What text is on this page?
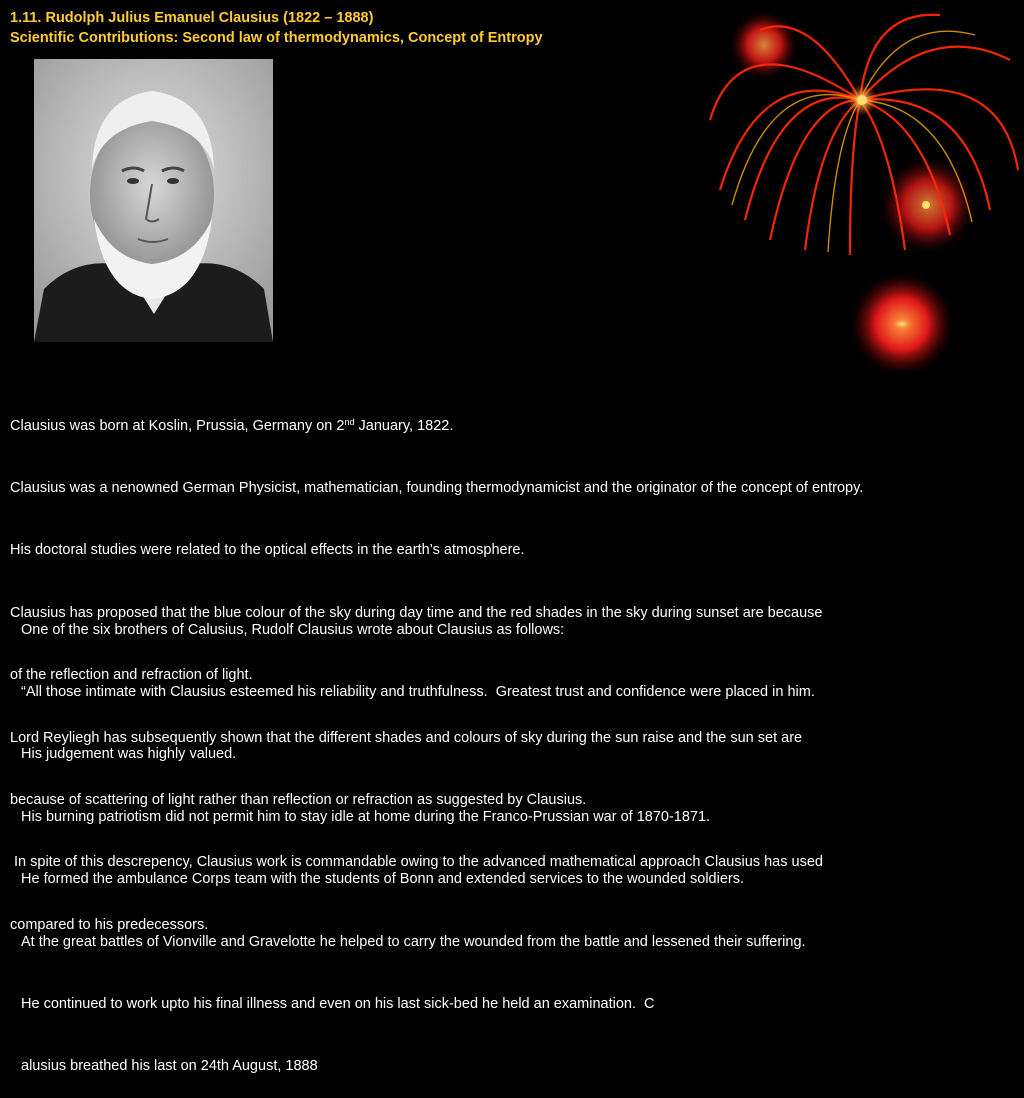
1.11. Rudolph Julius Emanuel Clausius (1822 – 1888)
Scientific Contributions: Second law of thermodynamics, Concept of Entropy

Clausius was born at Koslin, Prussia, Germany on 2nd January, 1822.

Clausius was a nenowned German Physicist, mathematician, founding thermodynamicist and the originator of the concept of entropy.

His doctoral studies were related to the optical effects in the earth’s atmosphere.

Clausius has proposed that the blue colour of the sky during day time and the red shades in the sky during sunset are because

of the reflection and refraction of light.

Lord Reyliegh has subsequently shown that the different shades and colours of sky during the sun raise and the sun set are

because of scattering of light rather than reflection or refraction as suggested by Clausius.

In spite of this descrepency, Clausius work is commandable owing to the advanced mathematical approach Clausius has used

compared to his predecessors.

One of the six brothers of Calusius, Rudolf Clausius wrote about Clausius as follows:

“All those intimate with Clausius esteemed his reliability and truthfulness.  Greatest trust and confidence were placed in him.

His judgement was highly valued.

His burning patriotism did not permit him to stay idle at home during the Franco-Prussian war of 1870-1871.

He formed the ambulance Corps team with the students of Bonn and extended services to the wounded soldiers.

At the great battles of Vionville and Gravelotte he helped to carry the wounded from the battle and lessened their suffering.

He continued to work upto his final illness and even on his last sick-bed he held an examination.  C

alusius breathed his last on 24th August, 1888
